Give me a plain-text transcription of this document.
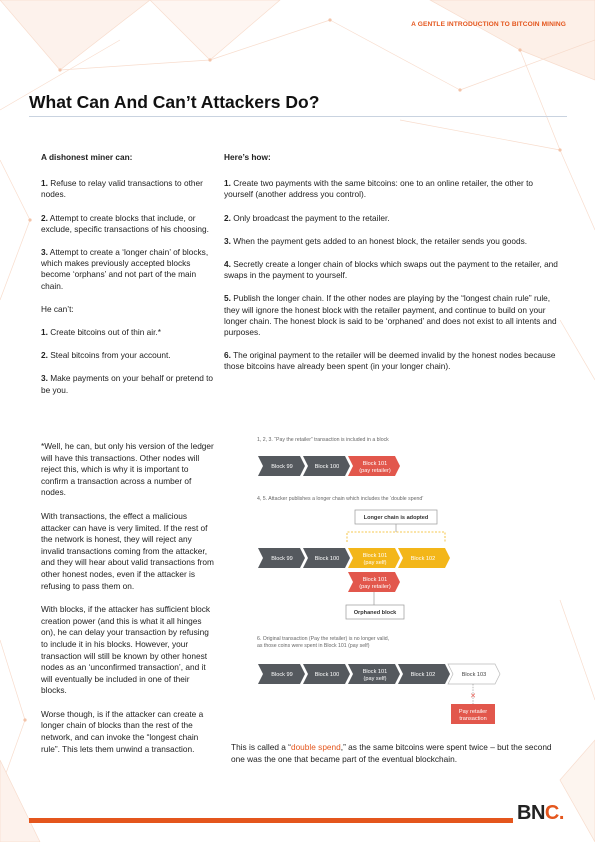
A GENTLE INTRODUCTION TO BITCOIN MINING
What Can And Can’t Attackers Do?

A dishonest miner can:

1. Refuse to relay valid transactions to other nodes.

2. Attempt to create blocks that include, or exclude, specific transactions of his choosing.

3. Attempt to create a ‘longer chain’ of blocks, which makes previously accepted blocks become ‘orphans’ and not part of the main chain.

He can’t:

1. Create bitcoins out of thin air.*

2. Steal bitcoins from your account.

3. Make payments on your behalf or pretend to be you.

*Well, he can, but only his version of the ledger will have this transactions. Other nodes will reject this, which is why it is important to confirm a transaction across a number of nodes.

With transactions, the effect a malicious attacker can have is very limited. If the rest of the network is honest, they will reject any invalid transactions coming from the attacker, and they will hear about valid transactions from other honest nodes, even if the attacker is refusing to pass them on.

With blocks, if the attacker has sufficient block creation power (and this is what it all hinges on), he can delay your transaction by refusing to include it in his blocks. However, your transaction will still be known by other honest nodes as an ‘unconfirmed transaction’, and it will eventually be included in one of their blocks.

Worse though, is if the attacker can create a longer chain of blocks than the rest of the network, and can invoke the “longest chain rule”. This lets them unwind a transaction.

Here’s how:

1. Create two payments with the same bitcoins: one to an online retailer, the other to yourself (another address you control).

2. Only broadcast the payment to the retailer.

3. When the payment gets added to an honest block, the retailer sends you goods.

4. Secretly create a longer chain of blocks which swaps out the payment to the retailer, and swaps in the payment to yourself.

5. Publish the longer chain. If the other nodes are playing by the “longest chain rule” rule, they will ignore the honest block with the retailer payment, and continue to build on your longer chain. The honest block is said to be ‘orphaned’ and does not exist to all intents and purposes.

6. The original payment to the retailer will be deemed invalid by the honest nodes because those bitcoins have already been spent (in your longer chain).

1, 2, 3. “Pay the retailer” transaction is included in a block
Block 99	Block 100	Block 101
(pay retailer)
4, 5. Attacker publishes a longer chain which includes the ‘double spend’
Longer chain is adopted
Block 99	Block 100	Block 101
(pay self)
Block 102
Block 101
(pay retailer)
Orphaned block
6. Original transaction (Pay the retailer) is no longer valid,
as those coins were spent in Block 101 (pay self)
Block 99	Block 100	Block 101
(pay self)
Block 102	Block 103
✕
Pay retailer
transaction

This is called a “double spend,” as the same bitcoins were spent twice – but the second one was the one that became part of the eventual blockchain.

BNC.
